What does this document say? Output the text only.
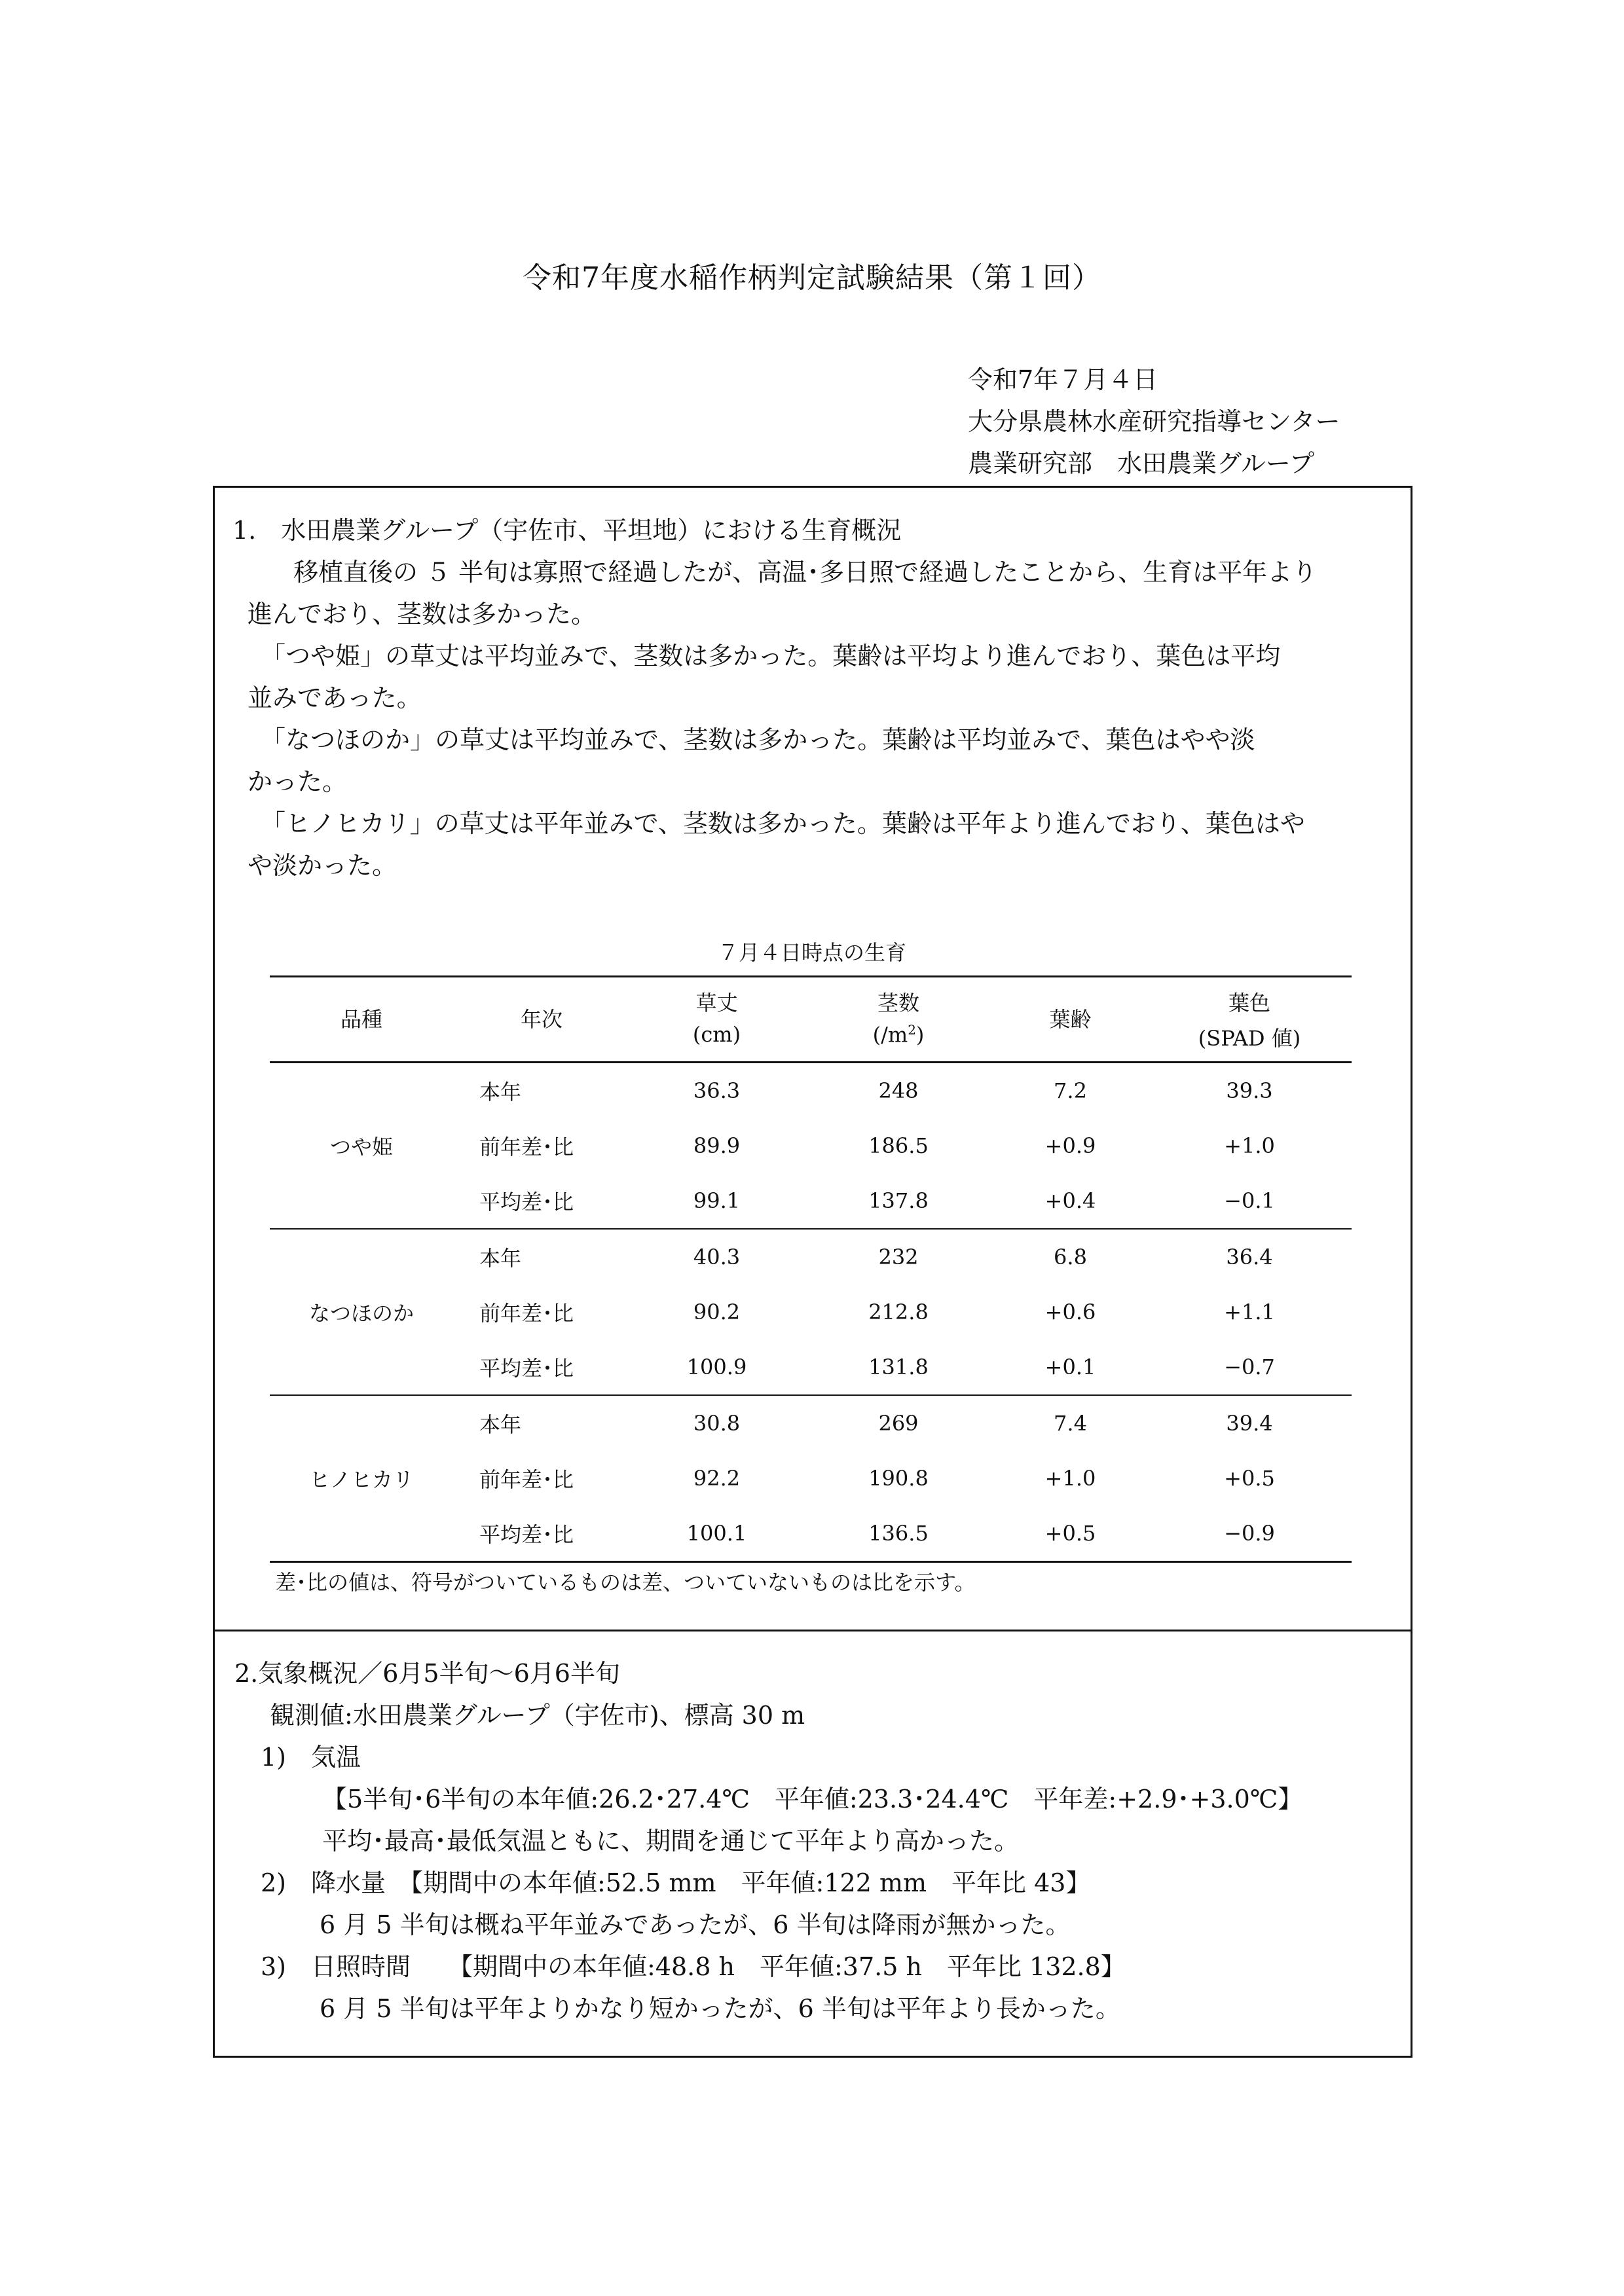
令和7年度水稲作柄判定試験結果（第１回）
令和7年７月４日
大分県農林水産研究指導センター
農業研究部　水田農業グループ
1.　水田農業グループ（宇佐市、平坦地）における生育概況
移植直後の ５ 半旬は寡照で経過したが、高温･多日照で経過したことから、生育は平年より
進んでおり、茎数は多かった。
「つや姫」の草丈は平均並みで、茎数は多かった。葉齢は平均より進んでおり、葉色は平均
並みであった。
「なつほのか」の草丈は平均並みで、茎数は多かった。葉齢は平均並みで、葉色はやや淡
かった。
「ヒノヒカリ」の草丈は平年並みで、茎数は多かった。葉齢は平年より進んでおり、葉色はや
や淡かった。
７月４日時点の生育
品種	年次	草丈	茎数	葉齢	葉色
		(cm)	$(/m^2)$		(SPAD 値)
つや姫	本年	36.3	248	7.2	39.3
	前年差･比	89.9	186.5	+0.9	+1.0
	平均差･比	99.1	137.8	+0.4	−0.1
なつほのか	本年	40.3	232	6.8	36.4
	前年差･比	90.2	212.8	+0.6	+1.1
	平均差･比	100.9	131.8	+0.1	−0.7
ヒノヒカリ	本年	30.8	269	7.4	39.4
	前年差･比	92.2	190.8	+1.0	+0.5
	平均差･比	100.1	136.5	+0.5	−0.9
差･比の値は、符号がついているものは差、ついていないものは比を示す。
2.気象概況／6月5半旬～6月6半旬
観測値:水田農業グループ（宇佐市)、標高 30 m
1)　気温
【5半旬･6半旬の本年値:26.2･27.4℃　平年値:23.3･24.4℃　平年差:+2.9･+3.0℃】
平均･最高･最低気温ともに、期間を通じて平年より高かった。
2)　降水量　【期間中の本年値:52.5 mm　平年値:122 mm　平年比 43】
6 月 5 半旬は概ね平年並みであったが、6 半旬は降雨が無かった。
3)　日照時間　　【期間中の本年値:48.8 h　平年値:37.5 h　平年比 132.8】
6 月 5 半旬は平年よりかなり短かったが、6 半旬は平年より長かった。
